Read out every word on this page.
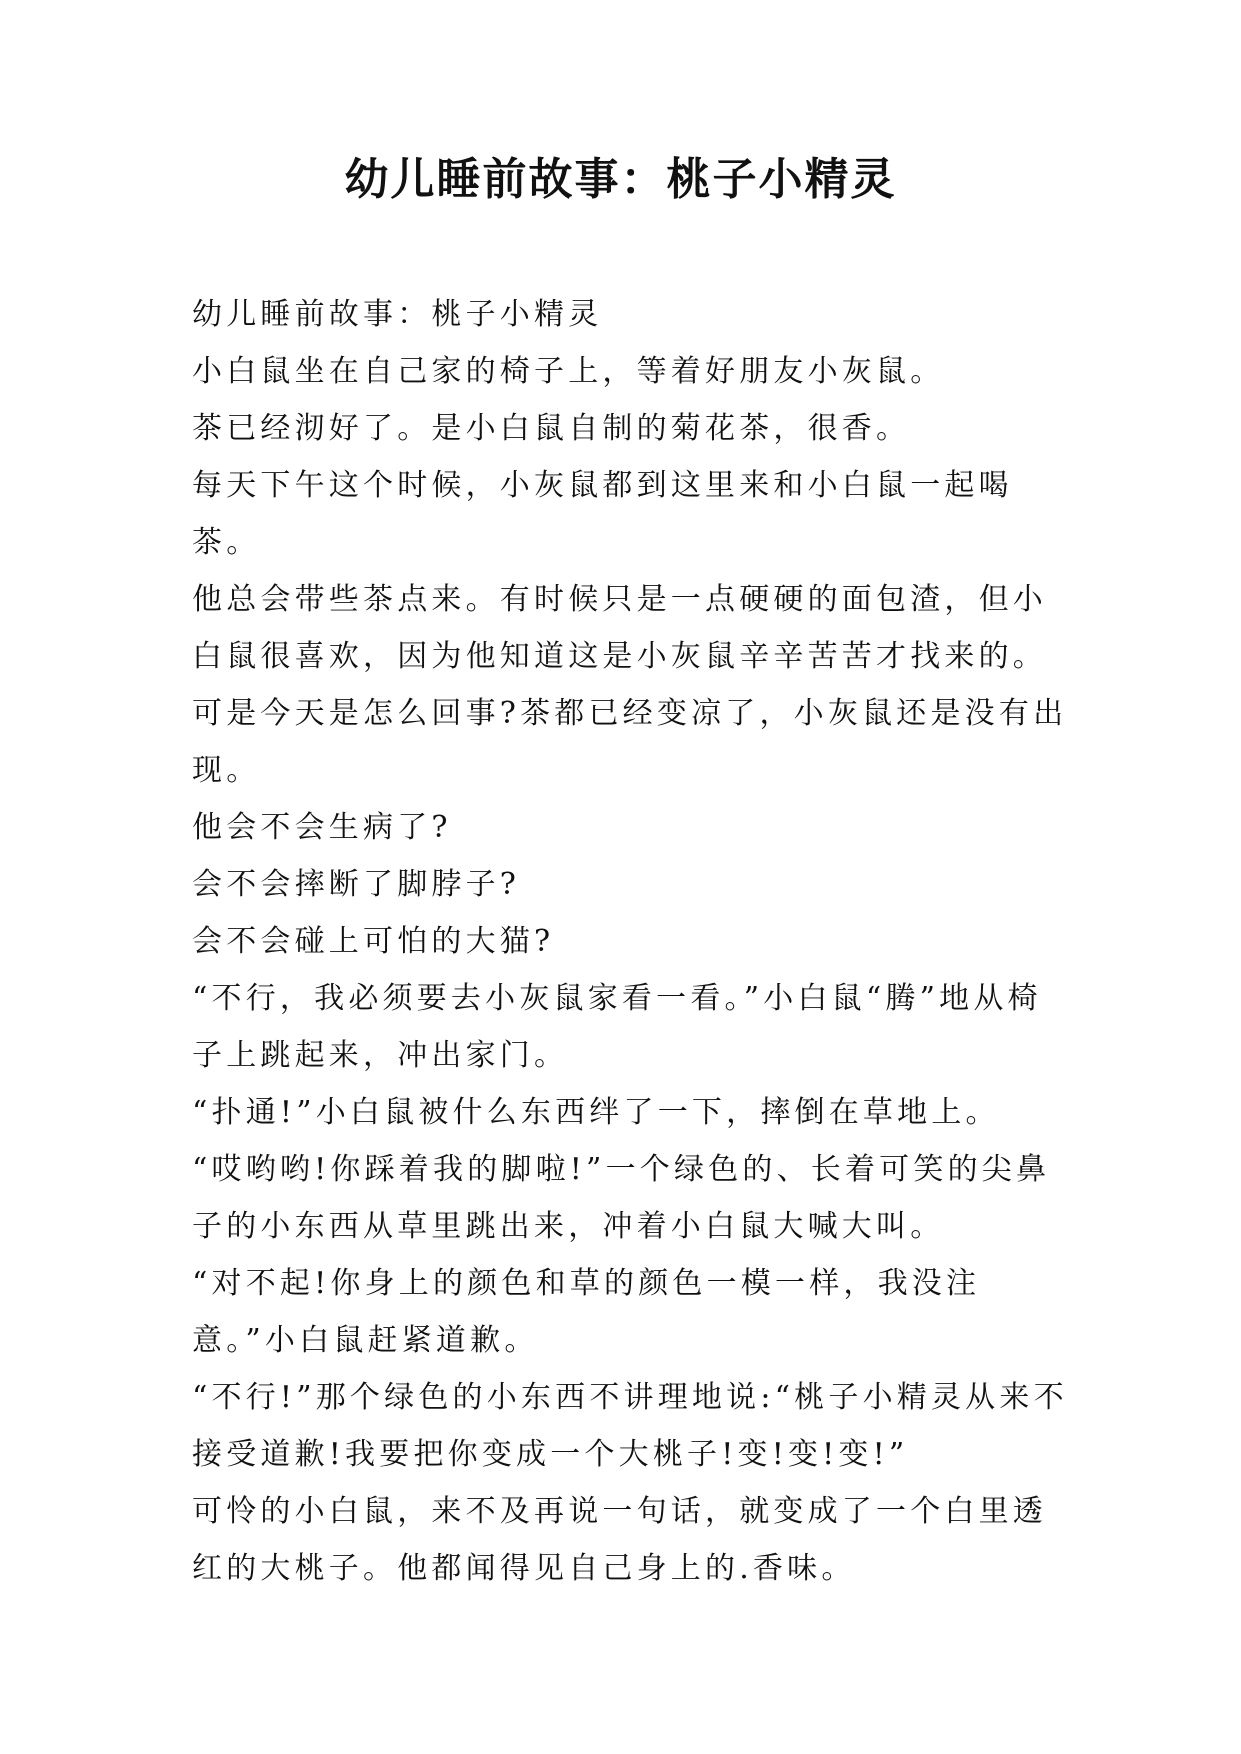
幼儿睡前故事：桃子小精灵

幼儿睡前故事：桃子小精灵

小白鼠坐在自己家的椅子上，等着好朋友小灰鼠。

茶已经沏好了。是小白鼠自制的菊花茶，很香。

每天下午这个时候，小灰鼠都到这里来和小白鼠一起喝茶。

他总会带些茶点来。有时候只是一点硬硬的面包渣，但小白鼠很喜欢，因为他知道这是小灰鼠辛辛苦苦才找来的。

可是今天是怎么回事?茶都已经变凉了，小灰鼠还是没有出现。

他会不会生病了?

会不会摔断了脚脖子?

会不会碰上可怕的大猫?

“不行，我必须要去小灰鼠家看一看。”小白鼠“腾”地从椅子上跳起来，冲出家门。

“扑通!”小白鼠被什么东西绊了一下，摔倒在草地上。

“哎哟哟!你踩着我的脚啦!”一个绿色的、长着可笑的尖鼻子的小东西从草里跳出来，冲着小白鼠大喊大叫。

“对不起!你身上的颜色和草的颜色一模一样，我没注意。”小白鼠赶紧道歉。

“不行!”那个绿色的小东西不讲理地说:“桃子小精灵从来不接受道歉!我要把你变成一个大桃子!变!变!变!”

可怜的小白鼠，来不及再说一句话，就变成了一个白里透红的大桃子。他都闻得见自己身上的.香味。
